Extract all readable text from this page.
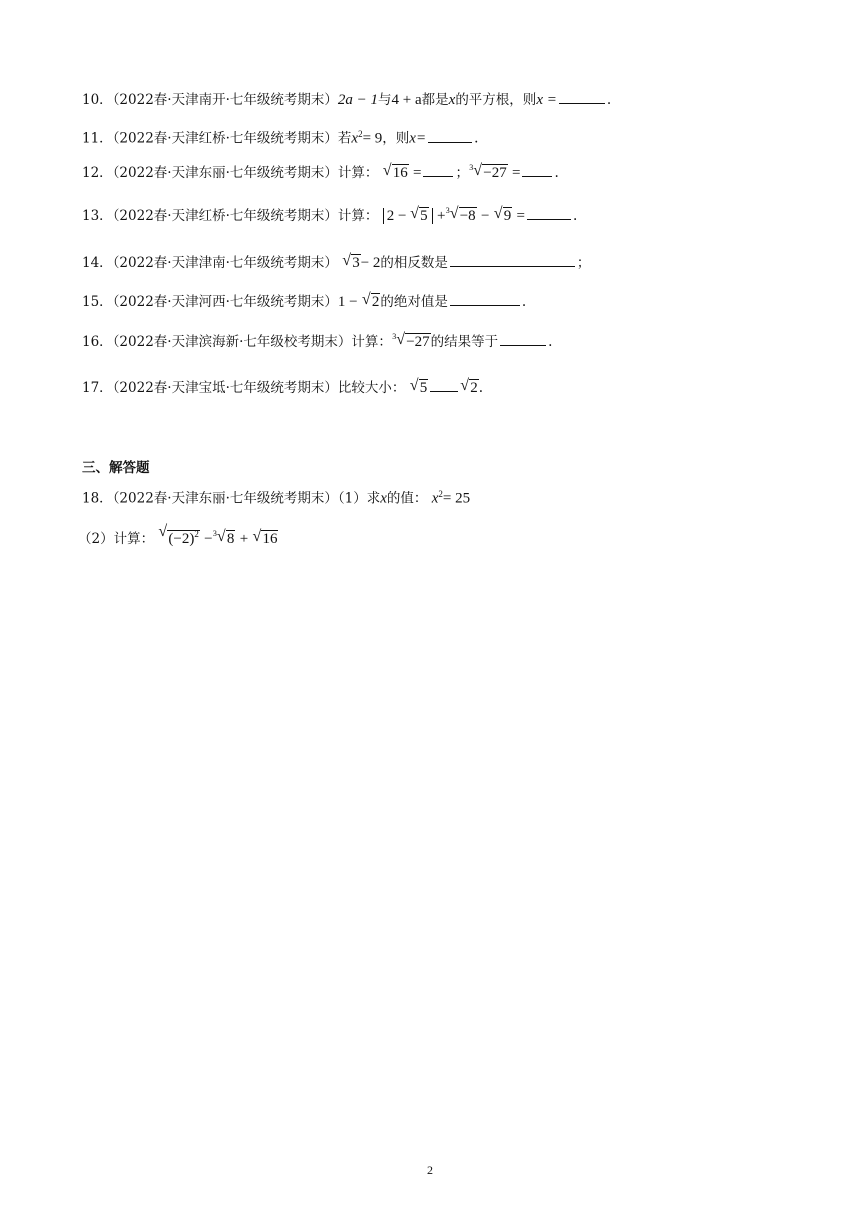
10．（2022春·天津南开·七年级统考期末）2a − 1与4 + a都是x的平方根，则x =	.
11．（2022春·天津红桥·七年级统考期末）若$x^2= 9$，则x=	.
12．（2022春·天津东丽·七年级统考期末）计算： √ 16 =	； 3 √ −27 =	.
13．（2022春·天津红桥·七年级统考期末）计算： 2 − √ 5 + 3 √ −8 − √ 9 =	.
14．（2022春·天津津南·七年级统考期末） √ 3− 2的相反数是	；
15．（2022春·天津河西·七年级统考期末）1 − √ 2的绝对值是	.
16．（2022春·天津滨海新·七年级校考期末）计算： 3 √ −27的结果等于	.
17．（2022春·天津宝坻·七年级统考期末）比较大小： √ 5 √ 2.
三、解答题
18．（2022春·天津东丽·七年级统考期末）（1）求x的值： $x^2= 25$
（2）计算： √ $(-2)^2 - 3$ √ 8 + √ 16
2
